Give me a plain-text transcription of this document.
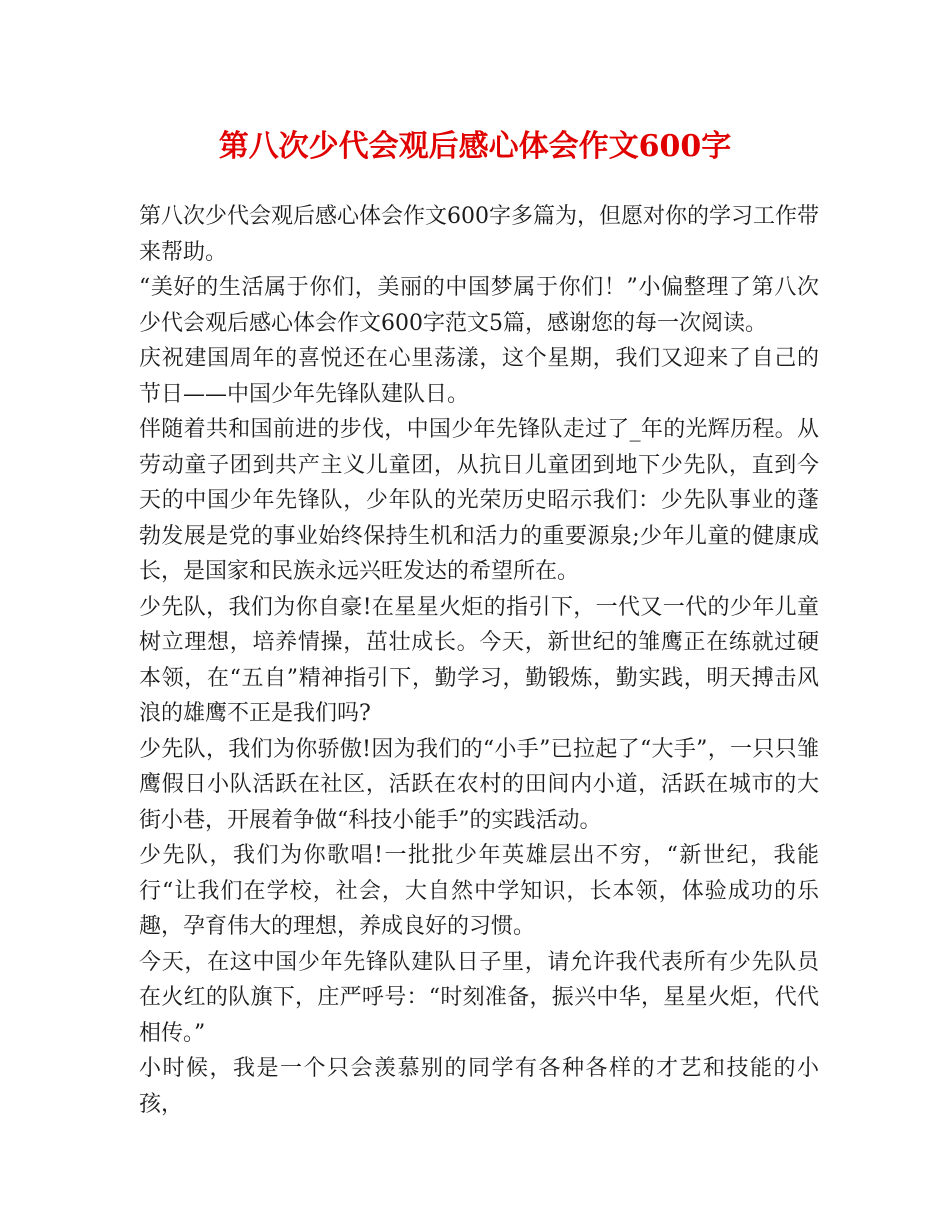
第八次少代会观后感心体会作文600字

第八次少代会观后感心体会作文600字多篇为，但愿对你的学习工作带来帮助。

“美好的生活属于你们，美丽的中国梦属于你们！”小偏整理了第八次少代会观后感心体会作文600字范文5篇，感谢您的每一次阅读。

庆祝建国周年的喜悦还在心里荡漾，这个星期，我们又迎来了自己的节日——中国少年先锋队建队日。

伴随着共和国前进的步伐，中国少年先锋队走过了_年的光辉历程。从劳动童子团到共产主义儿童团，从抗日儿童团到地下少先队，直到今天的中国少年先锋队，少年队的光荣历史昭示我们：少先队事业的蓬勃发展是党的事业始终保持生机和活力的重要源泉;少年儿童的健康成长，是国家和民族永远兴旺发达的希望所在。

少先队，我们为你自豪!在星星火炬的指引下，一代又一代的少年儿童树立理想，培养情操，茁壮成长。今天，新世纪的雏鹰正在练就过硬本领，在“五自”精神指引下，勤学习，勤锻炼，勤实践，明天搏击风浪的雄鹰不正是我们吗?

少先队，我们为你骄傲!因为我们的“小手”已拉起了“大手”，一只只雏鹰假日小队活跃在社区，活跃在农村的田间内小道，活跃在城市的大街小巷，开展着争做“科技小能手”的实践活动。

少先队，我们为你歌唱!一批批少年英雄层出不穷，“新世纪，我能行“让我们在学校，社会，大自然中学知识，长本领，体验成功的乐趣，孕育伟大的理想，养成良好的习惯。

今天，在这中国少年先锋队建队日子里，请允许我代表所有少先队员在火红的队旗下，庄严呼号：“时刻准备，振兴中华，星星火炬，代代相传。”

小时候，我是一个只会羡慕别的同学有各种各样的才艺和技能的小孩，
